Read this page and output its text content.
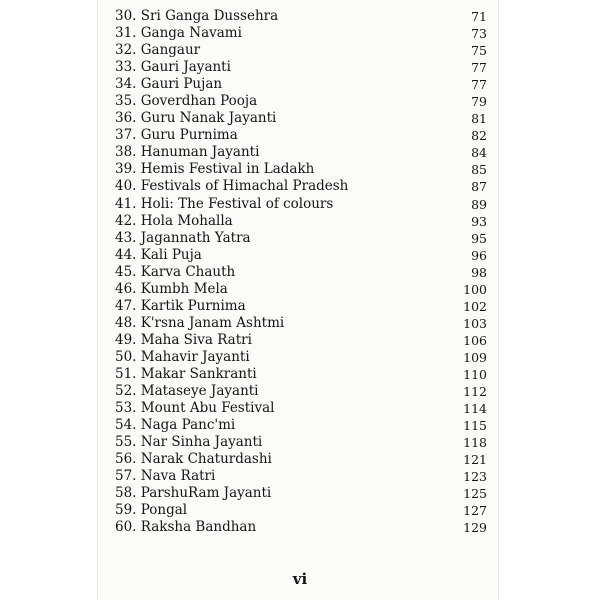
30. Sri Ganga Dussehra	71
31. Ganga Navami	73
32. Gangaur	75
33. Gauri Jayanti	77
34. Gauri Pujan	77
35. Goverdhan Pooja	79
36. Guru Nanak Jayanti	81
37. Guru Purnima	82
38. Hanuman Jayanti	84
39. Hemis Festival in Ladakh	85
40. Festivals of Himachal Pradesh	87
41. Holi: The Festival of colours	89
42. Hola Mohalla	93
43. Jagannath Yatra	95
44. Kali Puja	96
45. Karva Chauth	98
46. Kumbh Mela	100
47. Kartik Purnima	102
48. K'rsna Janam Ashtmi	103
49. Maha Siva Ratri	106
50. Mahavir Jayanti	109
51. Makar Sankranti	110
52. Mataseye Jayanti	112
53. Mount Abu Festival	114
54. Naga Panc'mi	115
55. Nar Sinha Jayanti	118
56. Narak Chaturdashi	121
57. Nava Ratri	123
58. ParshuRam Jayanti	125
59. Pongal	127
60. Raksha Bandhan	129
vi
